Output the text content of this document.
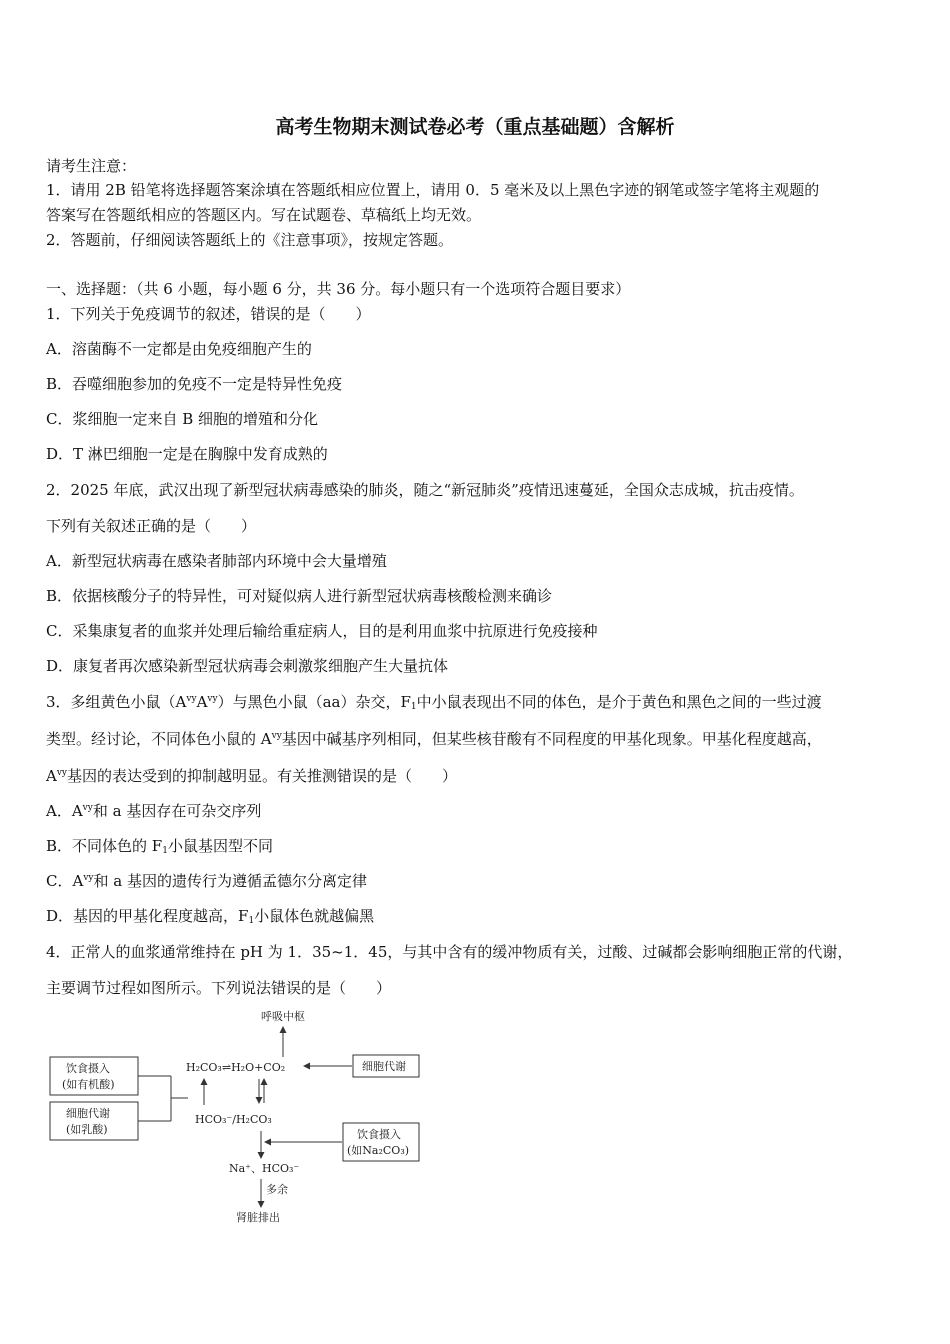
高考生物期末测试卷必考（重点基础题）含解析
请考生注意：
1．请用 2B 铅笔将选择题答案涂填在答题纸相应位置上，请用 0．5 毫米及以上黑色字迹的钢笔或签字笔将主观题的
答案写在答题纸相应的答题区内。写在试题卷、草稿纸上均无效。
2．答题前，仔细阅读答题纸上的《注意事项》，按规定答题。
一、选择题：（共 6 小题，每小题 6 分，共 36 分。每小题只有一个选项符合题目要求）
1．下列关于免疫调节的叙述，错误的是（　　）
A．溶菌酶不一定都是由免疫细胞产生的
B．吞噬细胞参加的免疫不一定是特异性免疫
C．浆细胞一定来自 B 细胞的增殖和分化
D．T 淋巴细胞一定是在胸腺中发育成熟的
2．2025 年底，武汉出现了新型冠状病毒感染的肺炎，随之“新冠肺炎”疫情迅速蔓延，全国众志成城，抗击疫情。
下列有关叙述正确的是（　　）
A．新型冠状病毒在感染者肺部内环境中会大量增殖
B．依据核酸分子的特异性，可对疑似病人进行新型冠状病毒核酸检测来确诊
C．采集康复者的血浆并处理后输给重症病人，目的是利用血浆中抗原进行免疫接种
D．康复者再次感染新型冠状病毒会刺激浆细胞产生大量抗体
3．多组黄色小鼠$(A^{vy}A^{vy})$与黑色小鼠（aa）杂交，$F_1$中小鼠表现出不同的体色，是介于黄色和黑色之间的一些过渡
类型。经讨论，不同体色小鼠的 $A^{vy}$基因中碱基序列相同，但某些核苷酸有不同程度的甲基化现象。甲基化程度越高，
$A^{vy}$基因的表达受到的抑制越明显。有关推测错误的是（　　）
A．$A^{vy}$和 a 基因存在可杂交序列
B．不同体色的 $F_1$小鼠基因型不同
C．$A^{vy}$和 a 基因的遗传行为遵循孟德尔分离定律
D．基因的甲基化程度越高，$F_1$小鼠体色就越偏黑
4．正常人的血浆通常维持在 pH 为 1．35~1．45，与其中含有的缓冲物质有关，过酸、过碱都会影响细胞正常的代谢，
主要调节过程如图所示。下列说法错误的是（　　）
呼吸中枢
H₂CO₃⇌H₂O+CO₂	细胞代谢
饮食摄入
(如有机酸)
细胞代谢
(如乳酸)
HCO₃⁻/H₂CO₃
饮食摄入
(如Na₂CO₃)
Na⁺、HCO₃⁻
多余
肾脏排出
